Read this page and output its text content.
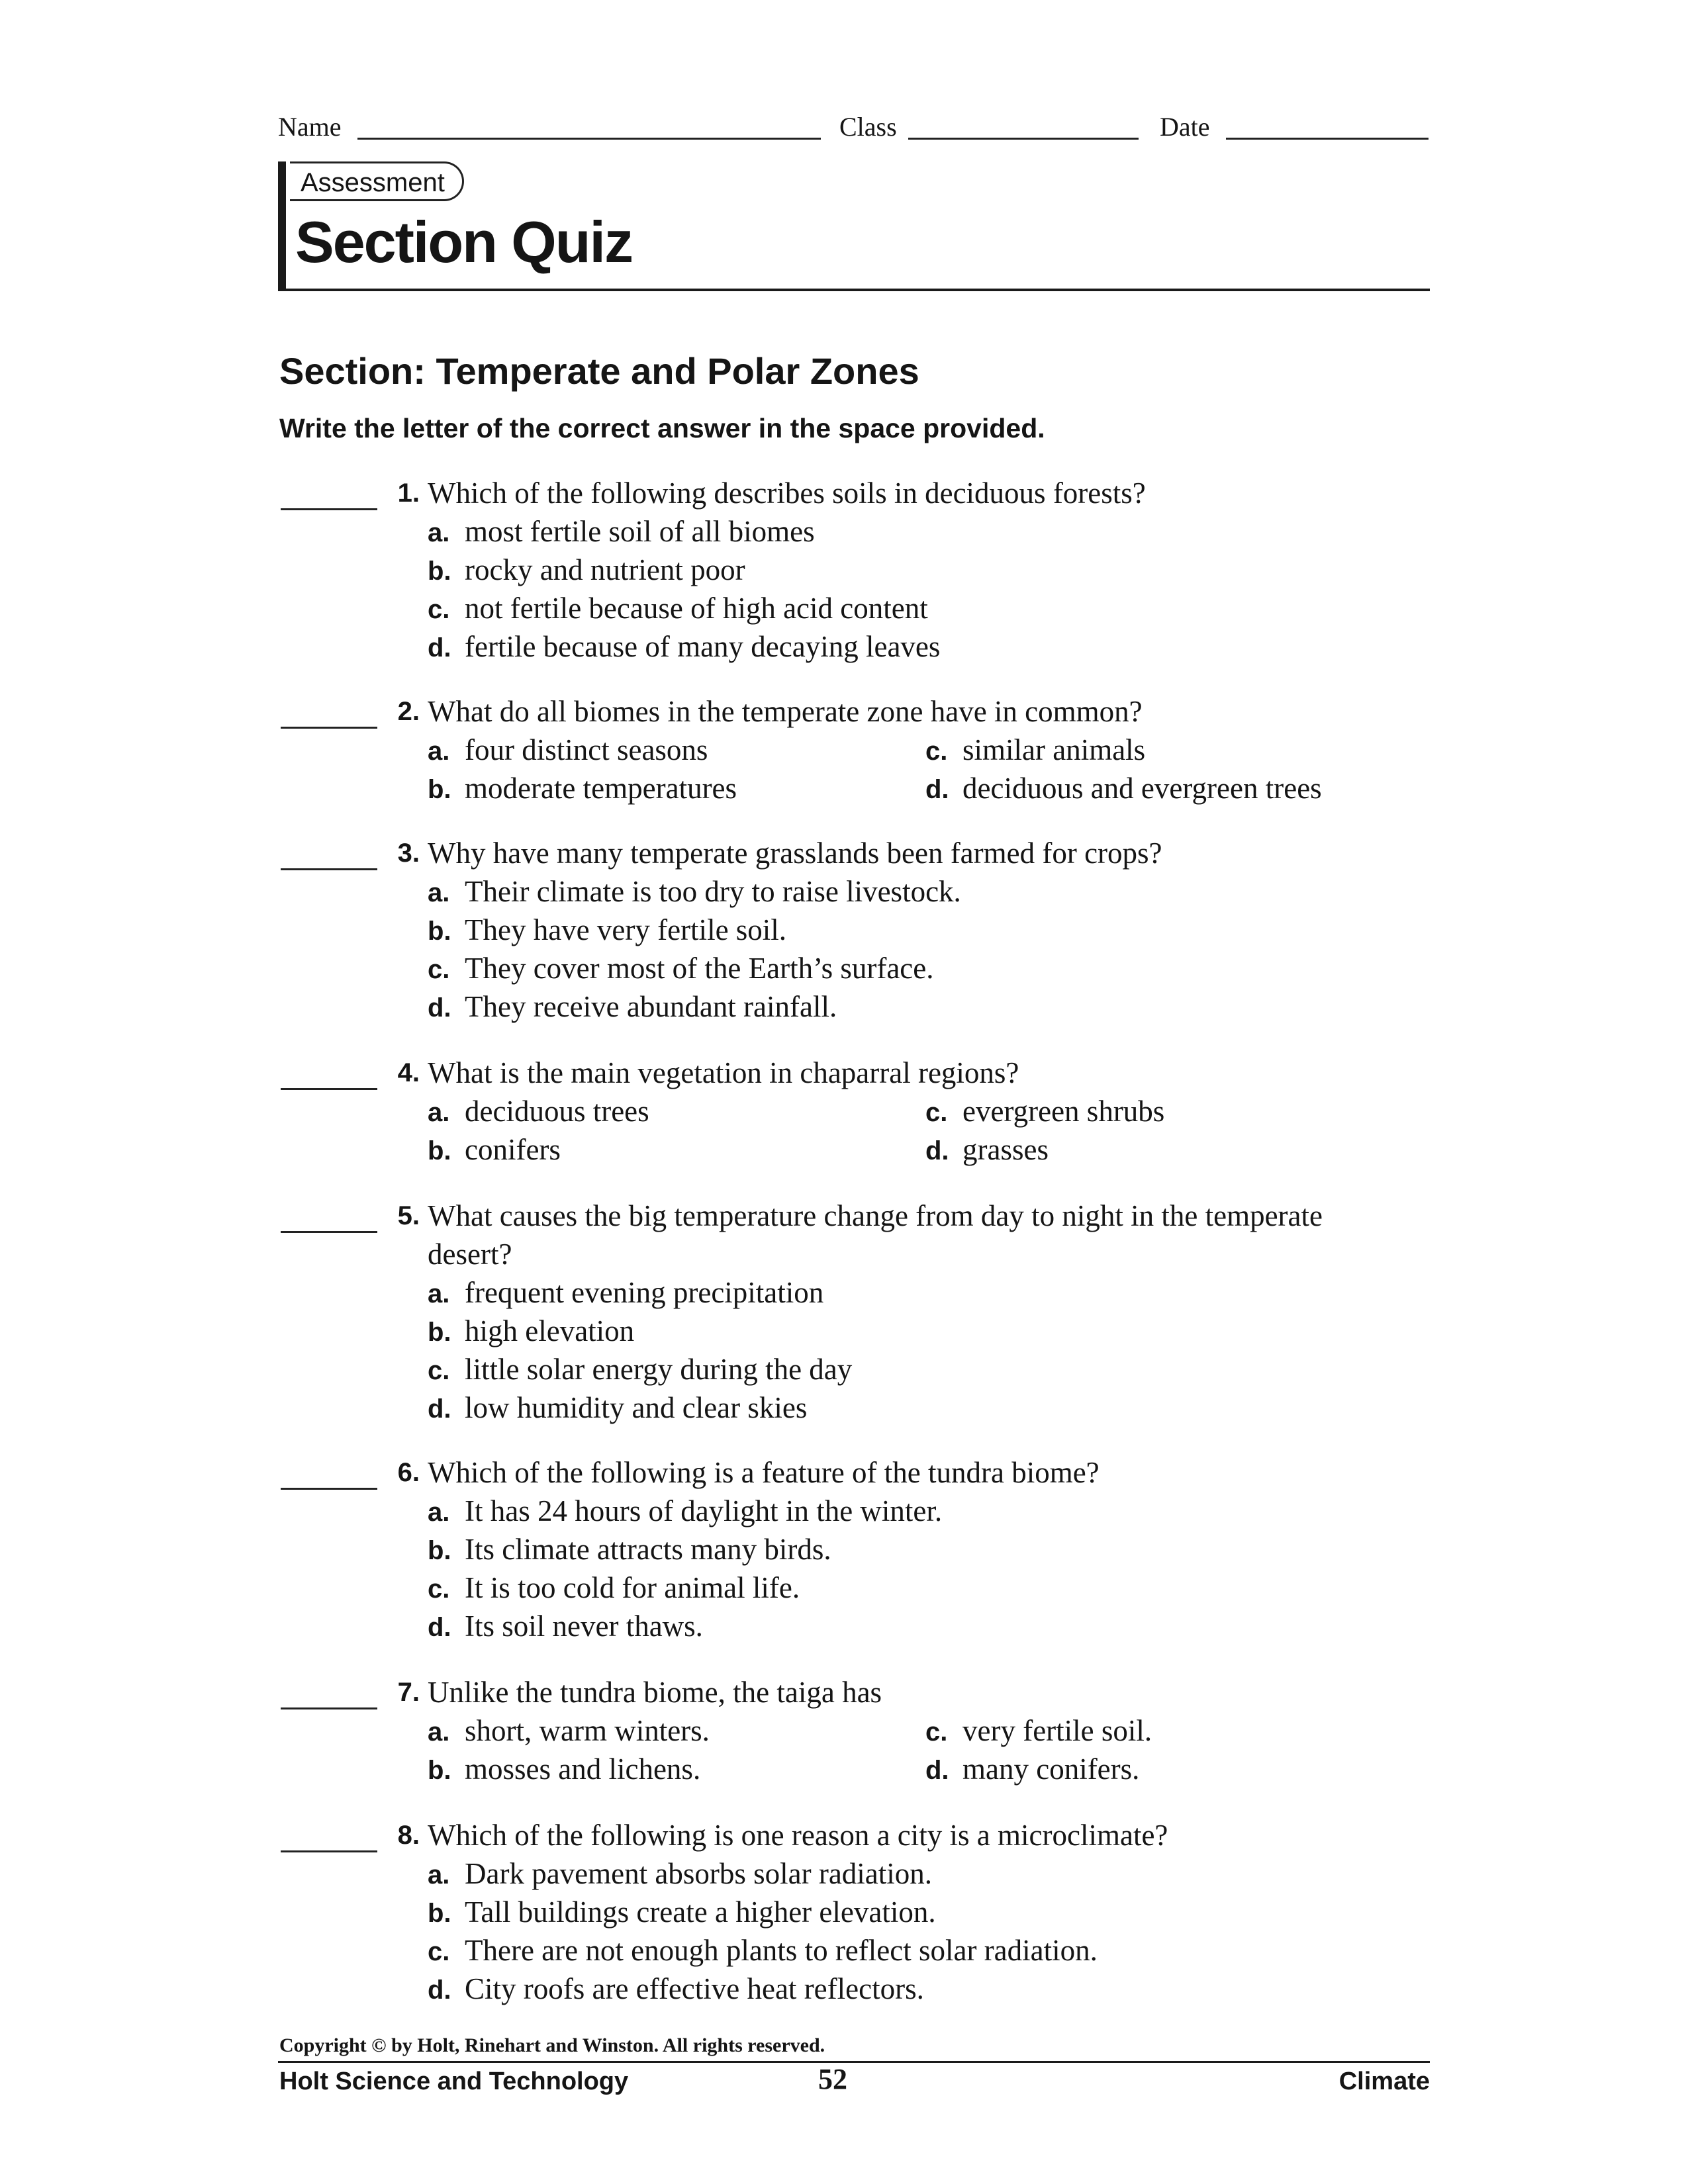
Name	Class	Date
Assessment
Section Quiz
Section: Temperate and Polar Zones
Write the letter of the correct answer in the space provided.
1. Which of the following describes soils in deciduous forests?
a. most fertile soil of all biomes
b. rocky and nutrient poor
c. not fertile because of high acid content
d. fertile because of many decaying leaves
2. What do all biomes in the temperate zone have in common?
a. four distinct seasons
b. moderate temperatures
c. similar animals
d. deciduous and evergreen trees
3. Why have many temperate grasslands been farmed for crops?
a. Their climate is too dry to raise livestock.
b. They have very fertile soil.
c. They cover most of the Earth’s surface.
d. They receive abundant rainfall.
4. What is the main vegetation in chaparral regions?
a. deciduous trees
b. conifers
c. evergreen shrubs
d. grasses
5. What causes the big temperature change from day to night in the temperate desert?
a. frequent evening precipitation
b. high elevation
c. little solar energy during the day
d. low humidity and clear skies
6. Which of the following is a feature of the tundra biome?
a. It has 24 hours of daylight in the winter.
b. Its climate attracts many birds.
c. It is too cold for animal life.
d. Its soil never thaws.
7. Unlike the tundra biome, the taiga has
a. short, warm winters.
b. mosses and lichens.
c. very fertile soil.
d. many conifers.
8. Which of the following is one reason a city is a microclimate?
a. Dark pavement absorbs solar radiation.
b. Tall buildings create a higher elevation.
c. There are not enough plants to reflect solar radiation.
d. City roofs are effective heat reflectors.
Copyright © by Holt, Rinehart and Winston. All rights reserved.
Holt Science and Technology	52	Climate
